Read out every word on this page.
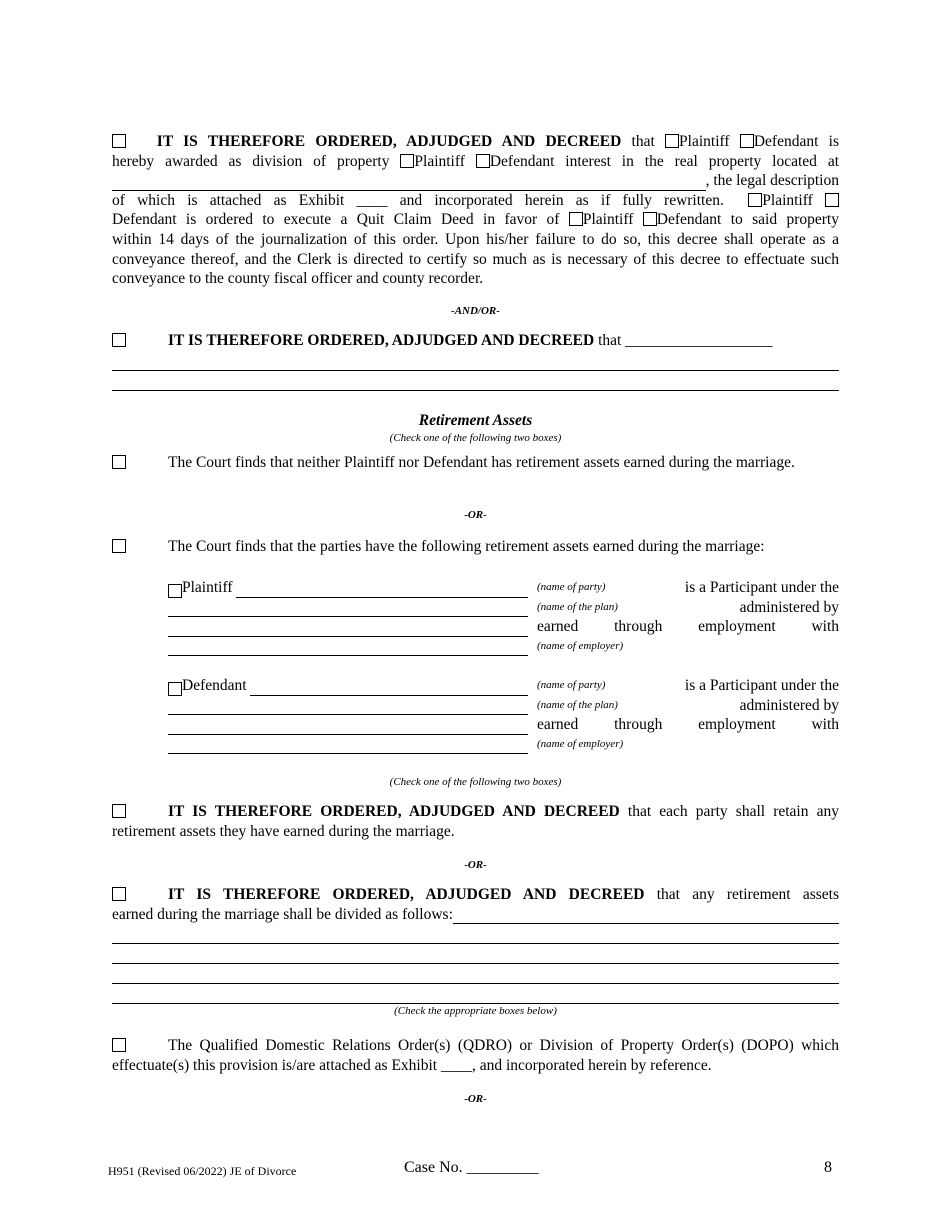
IT IS THEREFORE ORDERED, ADJUDGED AND DECREED that Plaintiff Defendant is
hereby awarded as division of property Plaintiff Defendant interest in the real property located at
, the legal description
of which is attached as Exhibit ____ and incorporated herein as if fully rewritten. Plaintiff
Defendant is ordered to execute a Quit Claim Deed in favor of Plaintiff Defendant to said property
within 14 days of the journalization of this order. Upon his/her failure to do so, this decree shall operate as a conveyance thereof, and the Clerk is directed to certify so much as is necessary of this decree to effectuate such conveyance to the county fiscal officer and county recorder.
-AND/OR-
IT IS THEREFORE ORDERED, ADJUDGED AND DECREED that ___________________
Retirement Assets
(Check one of the following two boxes)
The Court finds that neither Plaintiff nor Defendant has retirement assets earned during the marriage.
-OR-
The Court finds that the parties have the following retirement assets earned during the marriage:
Plaintiff	(name of party)	is a Participant under the
(name of the plan)	administered by
earned through employment with
(name of employer)
Defendant	(name of party)	is a Participant under the
(name of the plan)	administered by
earned through employment with
(name of employer)
(Check one of the following two boxes)
IT IS THEREFORE ORDERED, ADJUDGED AND DECREED that each party shall retain any retirement assets they have earned during the marriage.
-OR-
IT IS THEREFORE ORDERED, ADJUDGED AND DECREED that any retirement assets
earned during the marriage shall be divided as follows:
(Check the appropriate boxes below)
The Qualified Domestic Relations Order(s) (QDRO) or Division of Property Order(s) (DOPO) which effectuate(s) this provision is/are attached as Exhibit ____, and incorporated herein by reference.
-OR-
H951 (Revised 06/2022) JE of Divorce	Case No. _________	8
